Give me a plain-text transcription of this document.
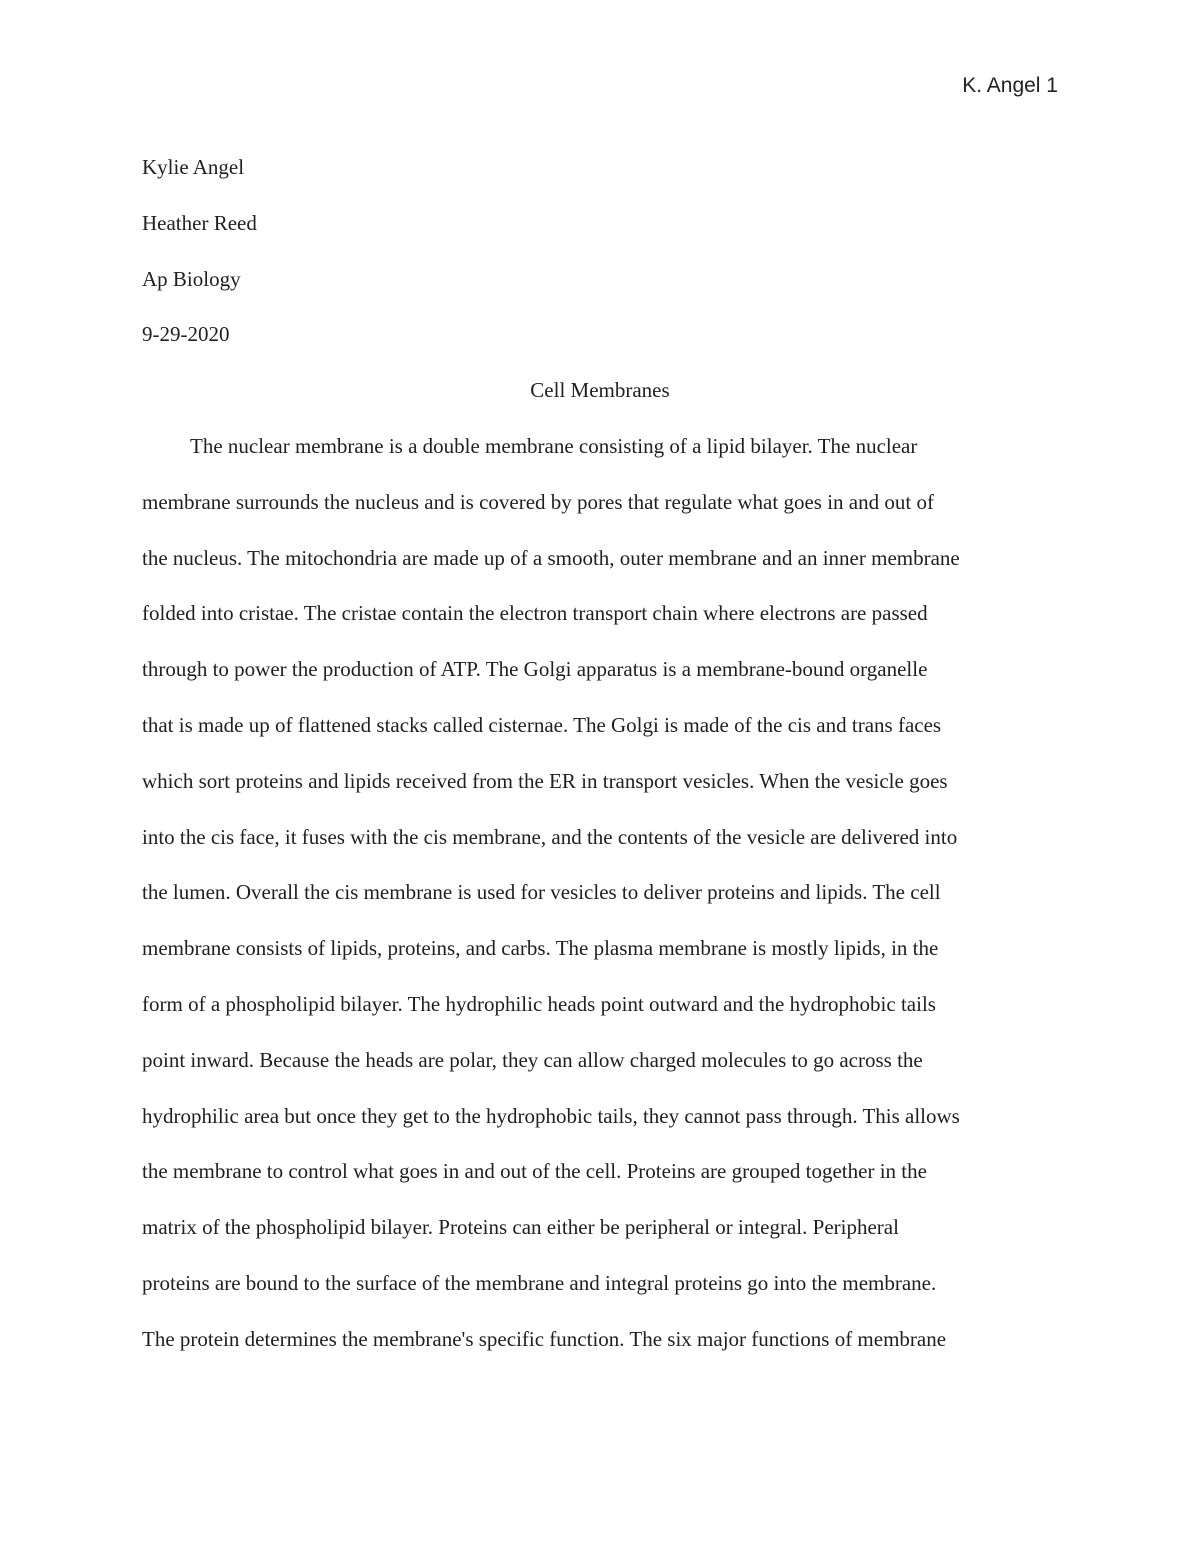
K. Angel 1

Kylie Angel

Heather Reed

Ap Biology

9-29-2020

Cell Membranes

The nuclear membrane is a double membrane consisting of a lipid bilayer. The nuclear

membrane surrounds the nucleus and is covered by pores that regulate what goes in and out of

the nucleus. The mitochondria are made up of a smooth, outer membrane and an inner membrane

folded into cristae. The cristae contain the electron transport chain where electrons are passed

through to power the production of ATP. The Golgi apparatus is a membrane-bound organelle

that is made up of flattened stacks called cisternae. The Golgi is made of the cis and trans faces

which sort proteins and lipids received from the ER in transport vesicles. When the vesicle goes

into the cis face, it fuses with the cis membrane, and the contents of the vesicle are delivered into

the lumen. Overall the cis membrane is used for vesicles to deliver proteins and lipids. The cell

membrane consists of lipids, proteins, and carbs. The plasma membrane is mostly lipids, in the

form of a phospholipid bilayer. The hydrophilic heads point outward and the hydrophobic tails

point inward. Because the heads are polar, they can allow charged molecules to go across the

hydrophilic area but once they get to the hydrophobic tails, they cannot pass through. This allows

the membrane to control what goes in and out of the cell. Proteins are grouped together in the

matrix of the phospholipid bilayer. Proteins can either be peripheral or integral. Peripheral

proteins are bound to the surface of the membrane and integral proteins go into the membrane.

The protein determines the membrane's specific function. The six major functions of membrane
